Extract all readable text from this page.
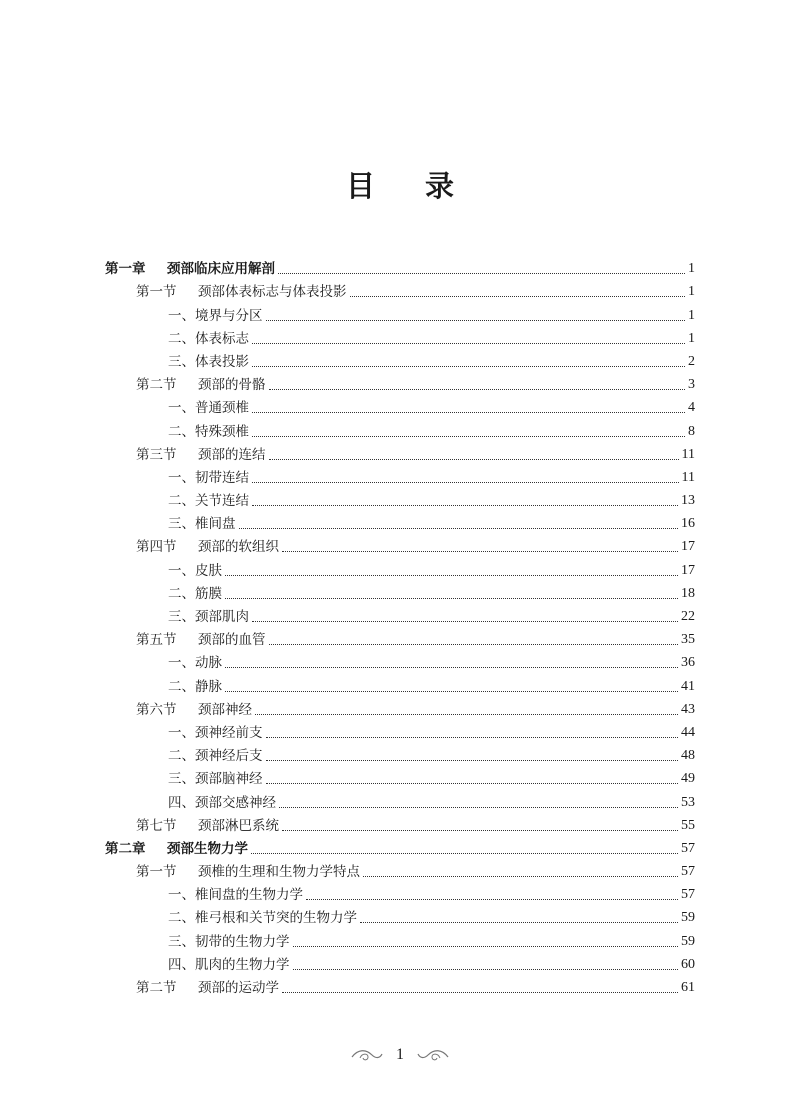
目 录
第一章	颈部临床应用解剖	1
第一节	颈部体表标志与体表投影	1
一、境界与分区	1
二、体表标志	1
三、体表投影	2
第二节	颈部的骨骼	3
一、普通颈椎	4
二、特殊颈椎	8
第三节	颈部的连结	11
一、韧带连结	11
二、关节连结	13
三、椎间盘	16
第四节	颈部的软组织	17
一、皮肤	17
二、筋膜	18
三、颈部肌肉	22
第五节	颈部的血管	35
一、动脉	36
二、静脉	41
第六节	颈部神经	43
一、颈神经前支	44
二、颈神经后支	48
三、颈部脑神经	49
四、颈部交感神经	53
第七节	颈部淋巴系统	55
第二章	颈部生物力学	57
第一节	颈椎的生理和生物力学特点	57
一、椎间盘的生物力学	57
二、椎弓根和关节突的生物力学	59
三、韧带的生物力学	59
四、肌肉的生物力学	60
第二节	颈部的运动学	61
1
